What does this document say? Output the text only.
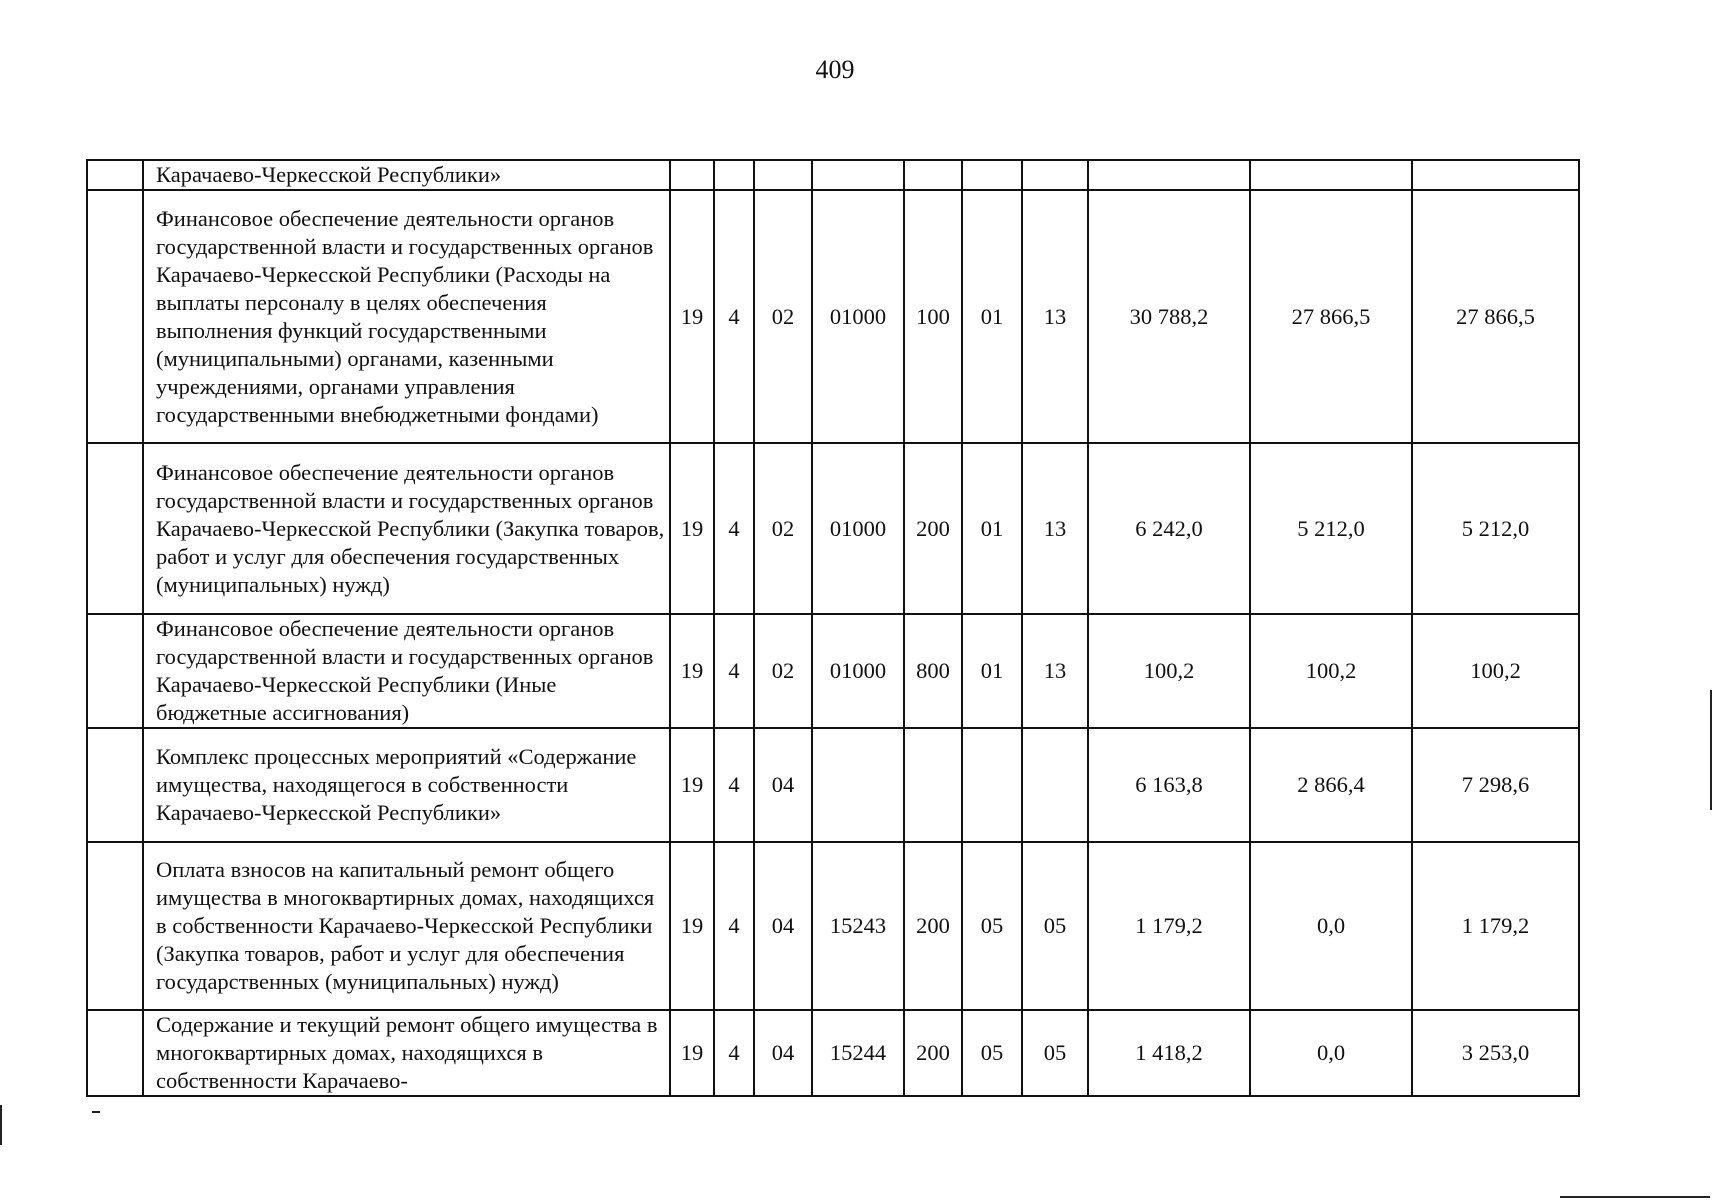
409
	Карачаево-Черкесской Республики»										
	Финансовое обеспечение деятельности органов государственной власти и государственных органов Карачаево-Черкесской Республики (Расходы на выплаты персоналу в целях обеспечения выполнения функций государственными (муниципальными) органами, казенными учреждениями, органами управления государственными внебюджетными фондами)	19	4	02	01000	100	01	13	30 788,2	27 866,5	27 866,5
	Финансовое обеспечение деятельности органов государственной власти и государственных органов Карачаево-Черкесской Республики (Закупка товаров, работ и услуг для обеспечения государственных (муниципальных) нужд)	19	4	02	01000	200	01	13	6 242,0	5 212,0	5 212,0
	Финансовое обеспечение деятельности органов государственной власти и государственных органов Карачаево-Черкесской Республики (Иные бюджетные ассигнования)	19	4	02	01000	800	01	13	100,2	100,2	100,2
	Комплекс процессных мероприятий «Содержание имущества, находящегося в собственности Карачаево-Черкесской Республики»	19	4	04					6 163,8	2 866,4	7 298,6
	Оплата взносов на капитальный ремонт общего имущества в многоквартирных домах, находящихся в собственности Карачаево-Черкесской Республики (Закупка товаров, работ и услуг для обеспечения государственных (муниципальных) нужд)	19	4	04	15243	200	05	05	1 179,2	0,0	1 179,2
	Содержание и текущий ремонт общего имущества в многоквартирных домах, находящихся в собственности Карачаево-	19	4	04	15244	200	05	05	1 418,2	0,0	3 253,0
